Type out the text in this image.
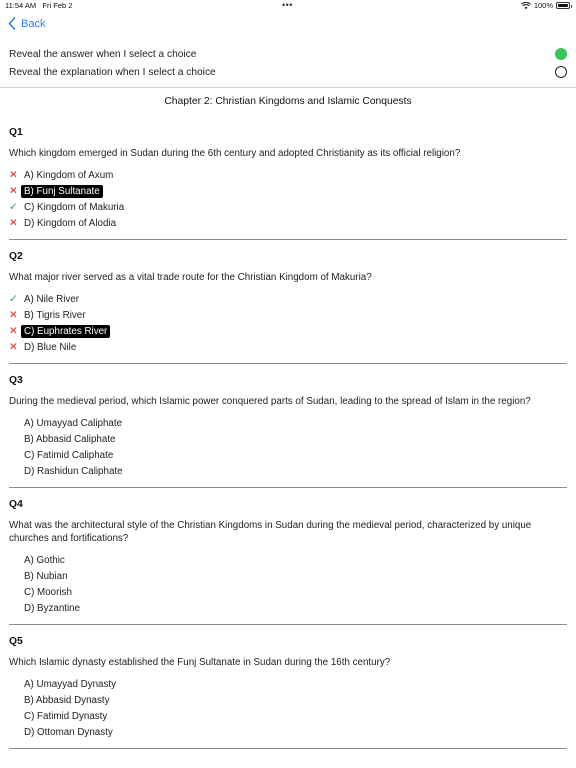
11:54 AM Fri Feb 2	•••	100%
Back
Reveal the answer when I select a choice
Reveal the explanation when I select a choice
Chapter 2: Christian Kingdoms and Islamic Conquests
Q1
Which kingdom emerged in Sudan during the 6th century and adopted Christianity as its official religion?
✕ A) Kingdom of Axum
✕ B) Funj Sultanate
✓ C) Kingdom of Makuria
✕ D) Kingdom of Alodia
Q2
What major river served as a vital trade route for the Christian Kingdom of Makuria?
✓ A) Nile River
✕ B) Tigris River
✕ C) Euphrates River
✕ D) Blue Nile
Q3
During the medieval period, which Islamic power conquered parts of Sudan, leading to the spread of Islam in the region?
A) Umayyad Caliphate
B) Abbasid Caliphate
C) Fatimid Caliphate
D) Rashidun Caliphate
Q4
What was the architectural style of the Christian Kingdoms in Sudan during the medieval period, characterized by unique churches and fortifications?
A) Gothic
B) Nubian
C) Moorish
D) Byzantine
Q5
Which Islamic dynasty established the Funj Sultanate in Sudan during the 16th century?
A) Umayyad Dynasty
B) Abbasid Dynasty
C) Fatimid Dynasty
D) Ottoman Dynasty
